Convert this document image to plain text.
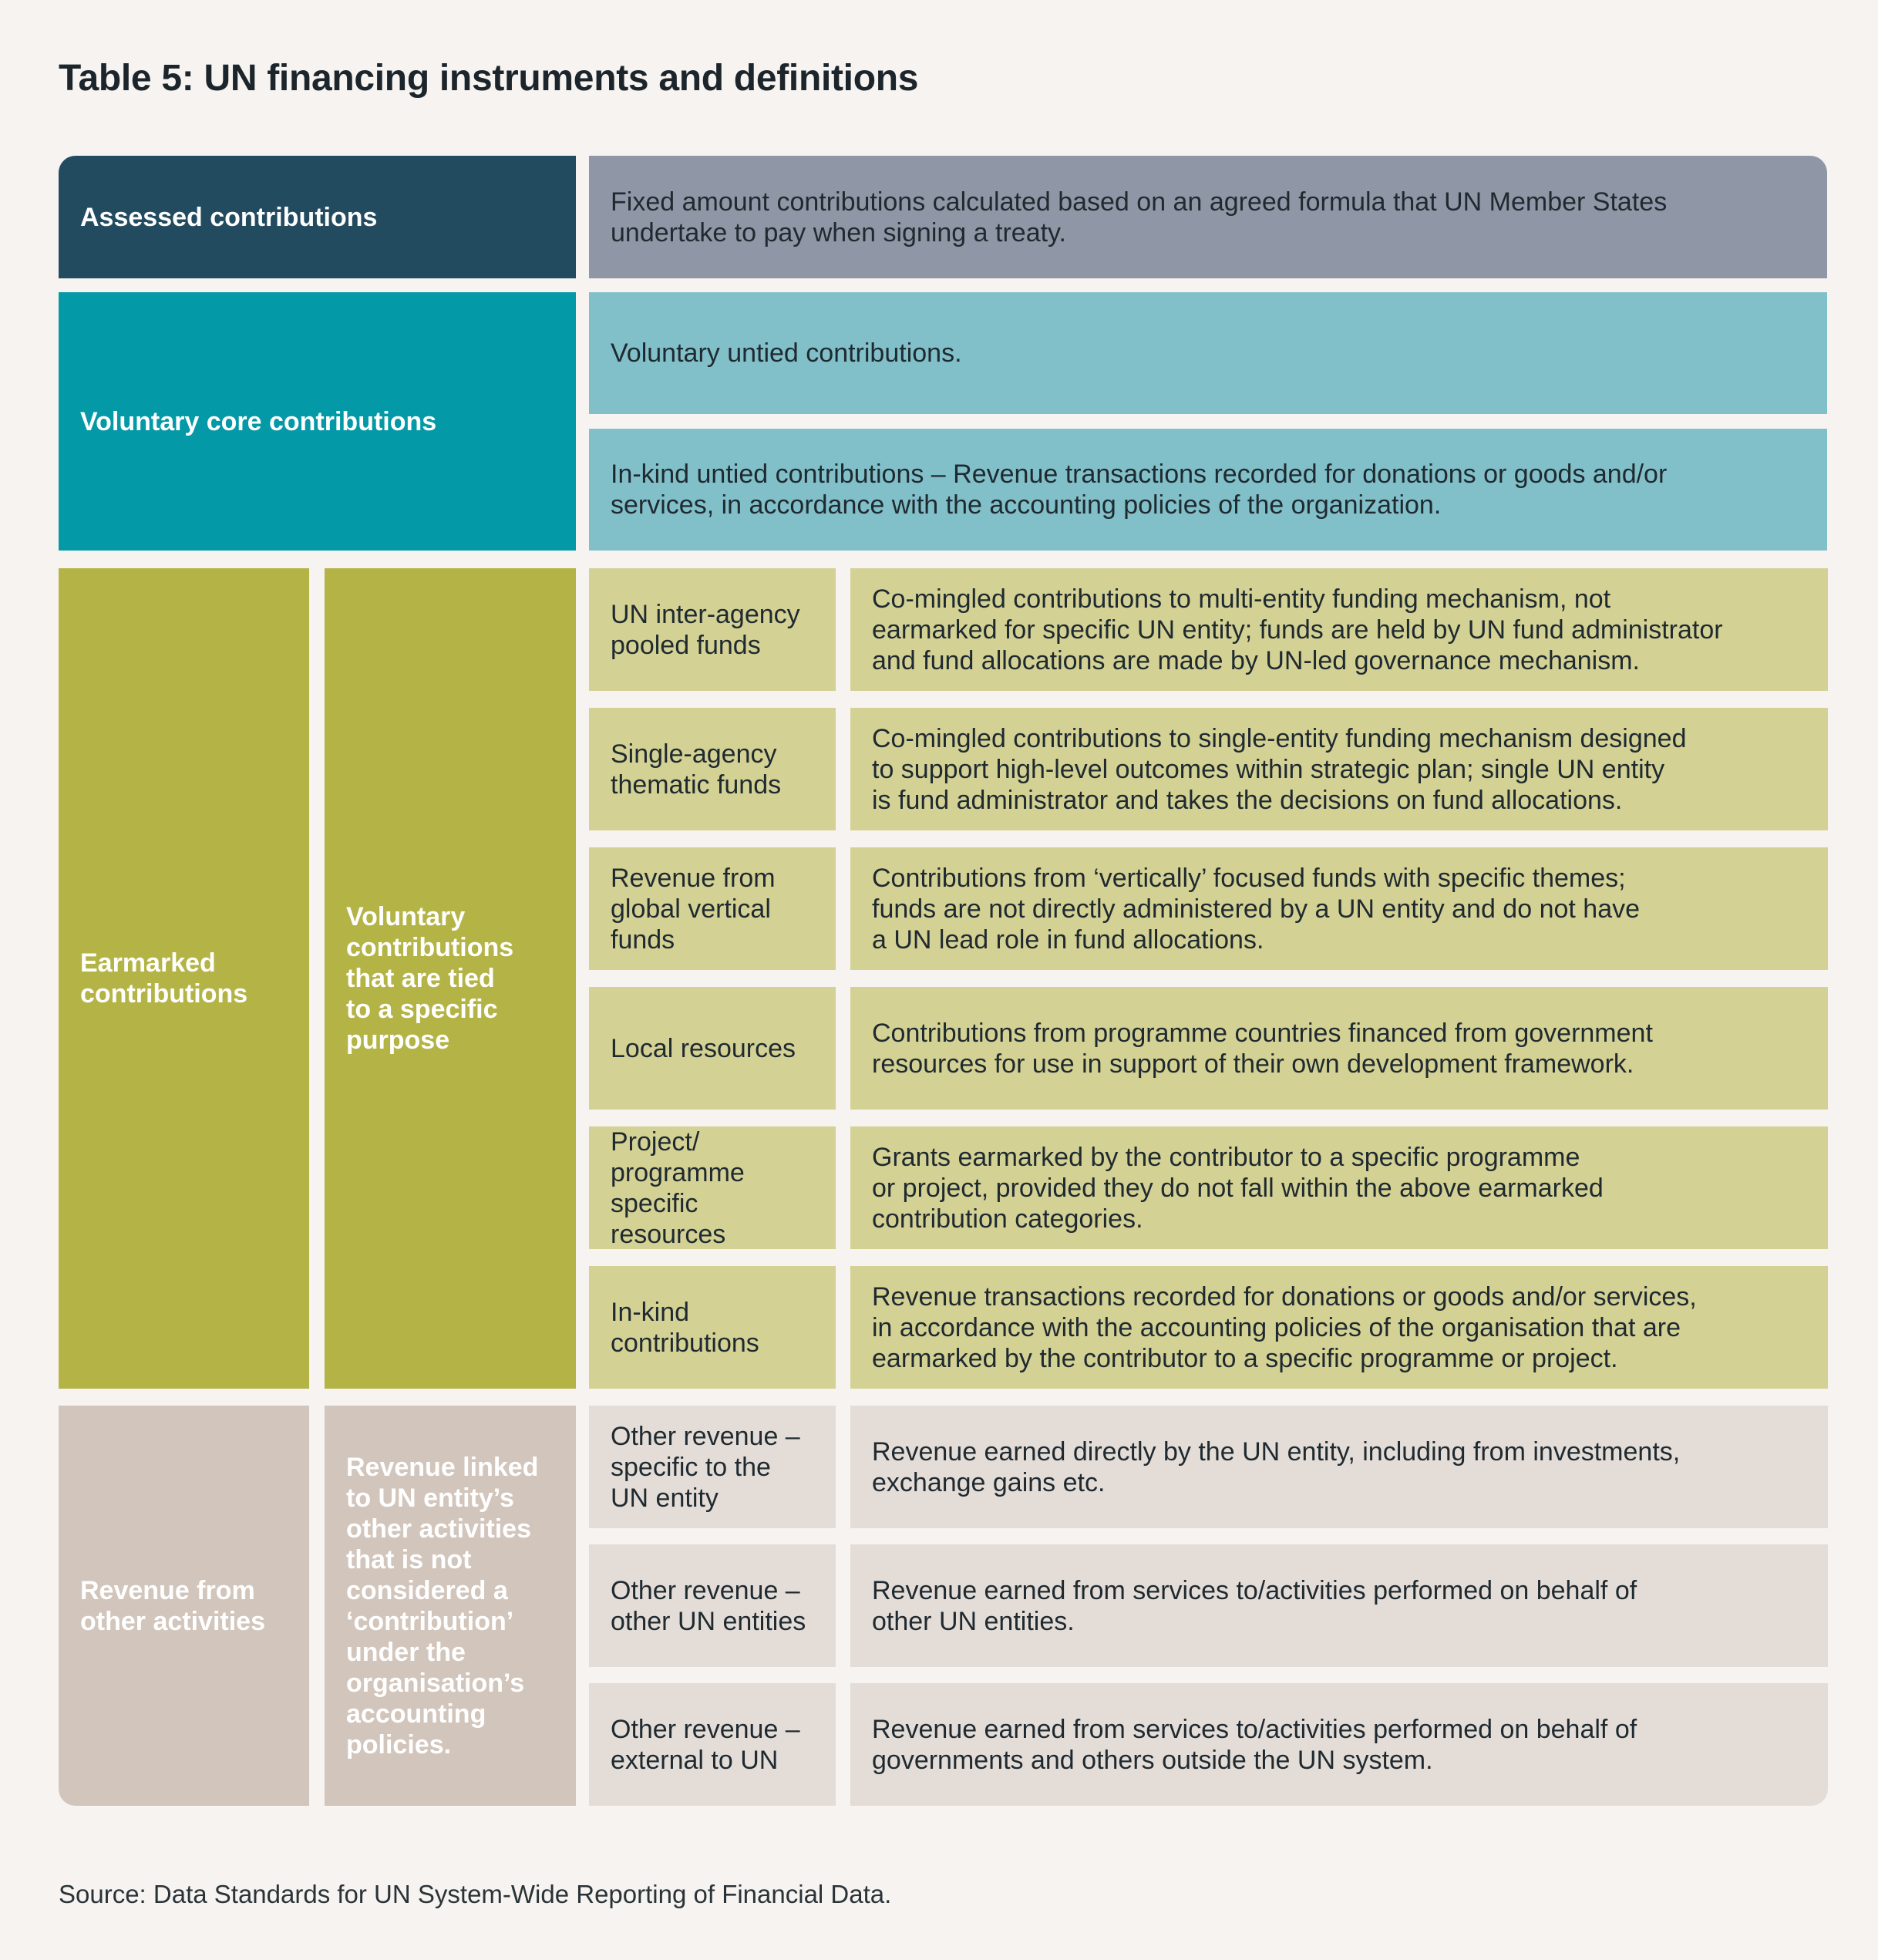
Table 5: UN financing instruments and definitions
Assessed contributions
Fixed amount contributions calculated based on an agreed formula that UN Member States
undertake to pay when signing a treaty.
Voluntary core contributions
Voluntary untied contributions.
In-kind untied contributions – Revenue transactions recorded for donations or goods and/or
services, in accordance with the accounting policies of the organization.
Earmarked
contributions
Voluntary
contributions
that are tied
to a specific
purpose
UN inter-agency
pooled funds
Co-mingled contributions to multi-entity funding mechanism, not
earmarked for specific UN entity; funds are held by UN fund administrator
and fund allocations are made by UN-led governance mechanism.
Single-agency
thematic funds
Co-mingled contributions to single-entity funding mechanism designed
to support high-level outcomes within strategic plan; single UN entity
is fund administrator and takes the decisions on fund allocations.
Revenue from
global vertical
funds
Contributions from ‘vertically’ focused funds with specific themes;
funds are not directly administered by a UN entity and do not have
a UN lead role in fund allocations.
Local resources
Contributions from programme countries financed from government
resources for use in support of their own development framework.
Project/
programme
specific resources
Grants earmarked by the contributor to a specific programme
or project, provided they do not fall within the above earmarked
contribution categories.
In-kind
contributions
Revenue transactions recorded for donations or goods and/or services,
in accordance with the accounting policies of the organisation that are
earmarked by the contributor to a specific programme or project.
Revenue from
other activities
Revenue linked
to UN entity’s
other activities
that is not
considered a
‘contribution’
under the
organisation’s
accounting
policies.
Other revenue –
specific to the
UN entity
Revenue earned directly by the UN entity, including from investments,
exchange gains etc.
Other revenue –
other UN entities
Revenue earned from services to/activities performed on behalf of
other UN entities.
Other revenue –
external to UN
Revenue earned from services to/activities performed on behalf of
governments and others outside the UN system.
Source: Data Standards for UN System-Wide Reporting of Financial Data.
